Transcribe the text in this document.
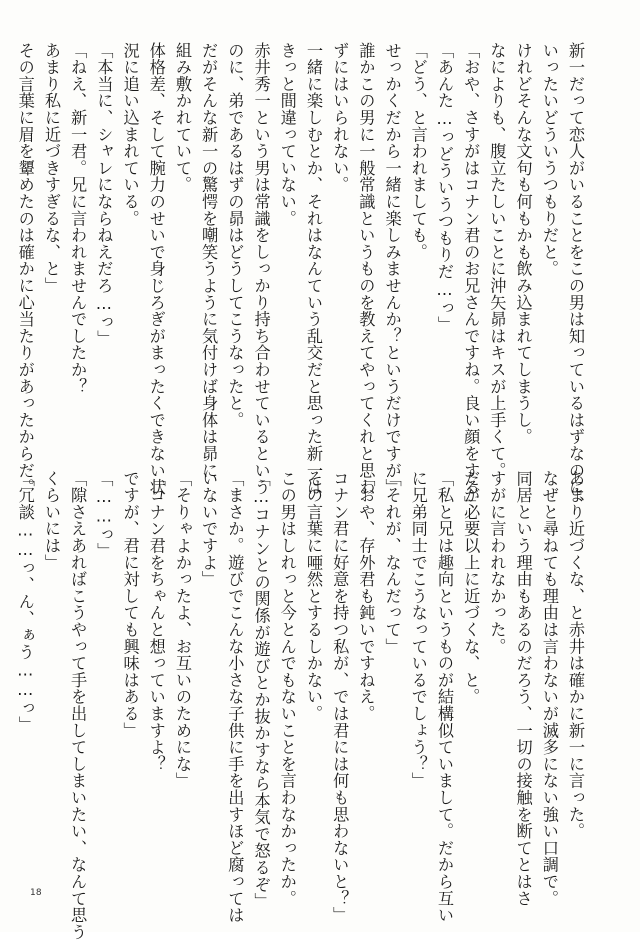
新一だって恋人がいることをこの男は知っているはずなのに、
いったいどういうつもりだと。
けれどそんな文句も何もかも飲み込まれてしまうし。
なによりも、腹立たしいことに沖矢昴はキスが上手くて。
「おや、さすがはコナン君のお兄さんですね。良い顔をする」
「あんた…っどういうつもりだ…っ」
「どう、と言われましても。
せっかくだから一緒に楽しみませんか？というだけですが」
誰かこの男に一般常識というものを教えてやってくれと思わ
ずにはいられない。
一緒に楽しむとか、それはなんていう乱交だと思った新一は
きっと間違っていない。
赤井秀一という男は常識をしっかり持ち合わせているという
のに、弟であるはずの昴はどうしてこうなったと。
だがそんな新一の驚愕を嘲笑うように気付けば身体は昴に
組み敷かれていて。
体格差、そして腕力のせいで身じろぎがまったくできない状
況に追い込まれている。
「本当に、シャレにならねえだろ…っ」
「ねえ、新一君。兄に言われませんでしたか？
あまり私に近づきすぎるな、と」
その言葉に眉を顰めたのは確かに心当たりがあったからだ。
あまり近づくな、と赤井は確かに新一に言った。
なぜと尋ねても理由は言わないが滅多にない強い口調で。
同居という理由もあるのだろう、一切の接触を断てとはさ
すがに言われなかった。
だが必要以上に近づくな、と。
「私と兄は趣向というものが結構似ていまして。だから互い
に兄弟同士でこうなっているでしょう？」
「それが、なんだって」
「おや、存外君も鈍いですねえ。
コナン君に好意を持つ私が、では君には何も思わないと？」
その言葉に唖然とするしかない。
この男はしれっと今とんでもないことを言わなかったか。
「…コナンとの関係が遊びとか抜かすなら本気で怒るぞ」
「まさか。遊びでこんな小さな子供に手を出すほど腐っては
いないですよ」
「そりゃよかったよ、お互いのためにな」
「コナン君をちゃんと想っていますよ？
ですが、君に対しても興味はある」
「……っ」
「隙さえあればこうやって手を出してしまいたい、なんて思う
くらいには」
「冗談……っ、ん、ぁう……っ」
18
